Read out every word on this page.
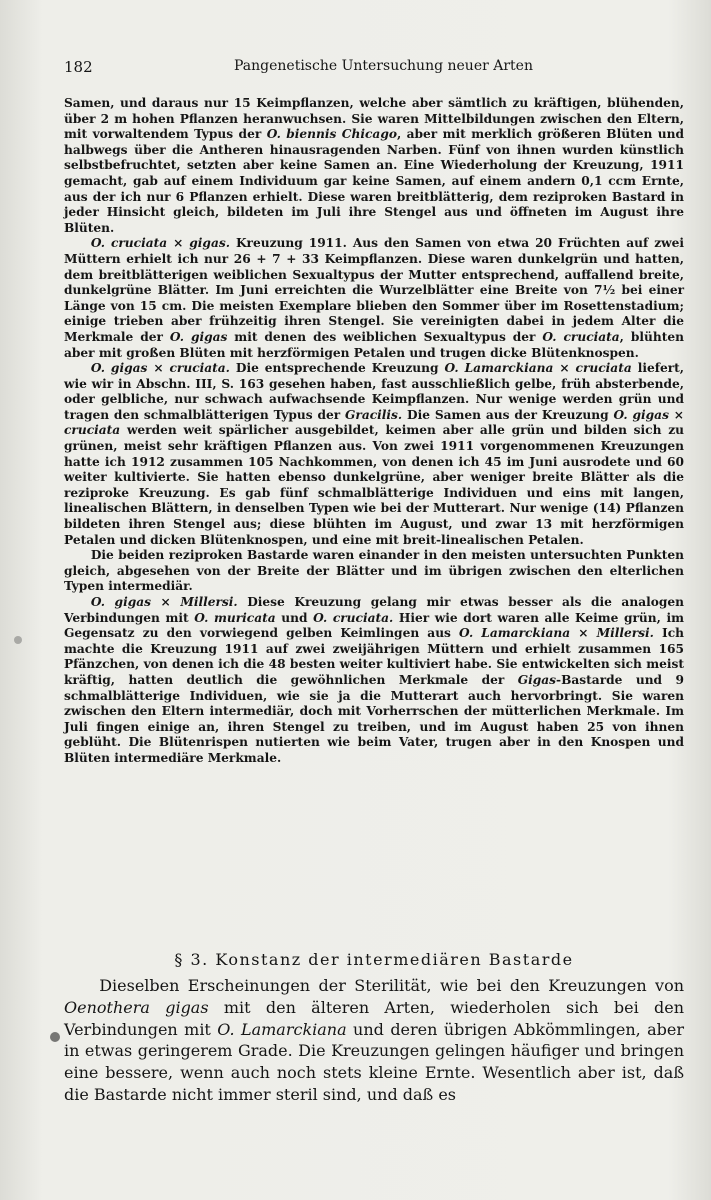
182	Pangenetische Untersuchung neuer Arten

Samen, und daraus nur 15 Keimpflanzen, welche aber sämtlich zu kräftigen, blühenden, über 2 m hohen Pflanzen heranwuchsen. Sie waren Mittelbildungen zwischen den Eltern, mit vorwaltendem Typus der O. biennis Chicago, aber mit merklich größeren Blüten und halbwegs über die Antheren hinausragenden Narben. Fünf von ihnen wurden künstlich selbstbefruchtet, setzten aber keine Samen an. Eine Wiederholung der Kreuzung, 1911 gemacht, gab auf einem Individuum gar keine Samen, auf einem andern 0,1 ccm Ernte, aus der ich nur 6 Pflanzen erhielt. Diese waren breitblätterig, dem reziproken Bastard in jeder Hinsicht gleich, bildeten im Juli ihre Stengel aus und öffneten im August ihre Blüten.

O. cruciata × gigas. Kreuzung 1911. Aus den Samen von etwa 20 Früchten auf zwei Müttern erhielt ich nur 26 + 7 + 33 Keimpflanzen. Diese waren dunkelgrün und hatten, dem breitblätterigen weiblichen Sexualtypus der Mutter entsprechend, auffallend breite, dunkelgrüne Blätter. Im Juni erreichten die Wurzelblätter eine Breite von 7½ bei einer Länge von 15 cm. Die meisten Exemplare blieben den Sommer über im Rosettenstadium; einige trieben aber frühzeitig ihren Stengel. Sie vereinigten dabei in jedem Alter die Merkmale der O. gigas mit denen des weiblichen Sexualtypus der O. cruciata, blühten aber mit großen Blüten mit herzförmigen Petalen und trugen dicke Blütenknospen.

O. gigas × cruciata. Die entsprechende Kreuzung O. Lamarckiana × cruciata liefert, wie wir in Abschn. III, S. 163 gesehen haben, fast ausschließlich gelbe, früh absterbende, oder gelbliche, nur schwach aufwachsende Keimpflanzen. Nur wenige werden grün und tragen den schmalblätterigen Typus der Gracilis. Die Samen aus der Kreuzung O. gigas × cruciata werden weit spärlicher ausgebildet, keimen aber alle grün und bilden sich zu grünen, meist sehr kräftigen Pflanzen aus. Von zwei 1911 vorgenommenen Kreuzungen hatte ich 1912 zusammen 105 Nachkommen, von denen ich 45 im Juni ausrodete und 60 weiter kultivierte. Sie hatten ebenso dunkelgrüne, aber weniger breite Blätter als die reziproke Kreuzung. Es gab fünf schmalblätterige Individuen und eins mit langen, linealischen Blättern, in denselben Typen wie bei der Mutterart. Nur wenige (14) Pflanzen bildeten ihren Stengel aus; diese blühten im August, und zwar 13 mit herzförmigen Petalen und dicken Blütenknospen, und eine mit breit-linealischen Petalen.

Die beiden reziproken Bastarde waren einander in den meisten untersuchten Punkten gleich, abgesehen von der Breite der Blätter und im übrigen zwischen den elterlichen Typen intermediär.

O. gigas × Millersi. Diese Kreuzung gelang mir etwas besser als die analogen Verbindungen mit O. muricata und O. cruciata. Hier wie dort waren alle Keime grün, im Gegensatz zu den vorwiegend gelben Keimlingen aus O. Lamarckiana × Millersi. Ich machte die Kreuzung 1911 auf zwei zweijährigen Müttern und erhielt zusammen 165 Pfänzchen, von denen ich die 48 besten weiter kultiviert habe. Sie entwickelten sich meist kräftig, hatten deutlich die gewöhnlichen Merkmale der Gigas-Bastarde und 9 schmalblätterige Individuen, wie sie ja die Mutterart auch hervorbringt. Sie waren zwischen den Eltern intermediär, doch mit Vorherrschen der mütterlichen Merkmale. Im Juli fingen einige an, ihren Stengel zu treiben, und im August haben 25 von ihnen geblüht. Die Blütenrispen nutierten wie beim Vater, trugen aber in den Knospen und Blüten intermediäre Merkmale.

§ 3. Konstanz der intermediären Bastarde

Dieselben Erscheinungen der Sterilität, wie bei den Kreuzungen von Oenothera gigas mit den älteren Arten, wiederholen sich bei den Verbindungen mit O. Lamarckiana und deren übrigen Abkömmlingen, aber in etwas geringerem Grade. Die Kreuzungen gelingen häufiger und bringen eine bessere, wenn auch noch stets kleine Ernte. Wesentlich aber ist, daß die Bastarde nicht immer steril sind, und daß es
